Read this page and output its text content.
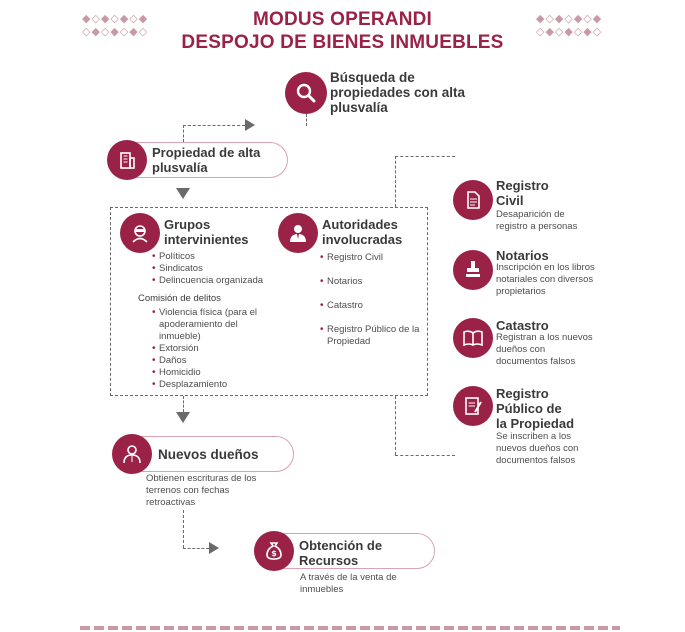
◆◇◆◇◆◇◆
◇◆◇◆◇◆◇
◆◇◆◇◆◇◆
◇◆◇◆◇◆◇
MODUS OPERANDI
DESPOJO DE BIENES INMUEBLES
Búsqueda de propiedades con alta plusvalía
Propiedad de alta plusvalía
Grupos intervinientes
• Políticos
• Sindicatos
• Delincuencia organizada
Comisión de delitos
• Violencia física (para el apoderamiento del inmueble)
• Extorsión
• Daños
• Homicidio
• Desplazamiento
Autoridades involucradas
• Registro Civil
• Notarios
• Catastro
• Registro Público de la Propiedad
Registro Civil
Desaparición de registro a personas
Notarios
Inscripción en los libros notariales con diversos propietarios
Catastro
Registran a los nuevos dueños con documentos falsos
Registro Público de la Propiedad
Se inscriben a los nuevos dueños con documentos falsos
Nuevos dueños
Obtienen escrituras de los terrenos con fechas retroactivas
$
Obtención de Recursos
A través de la venta de inmuebles
